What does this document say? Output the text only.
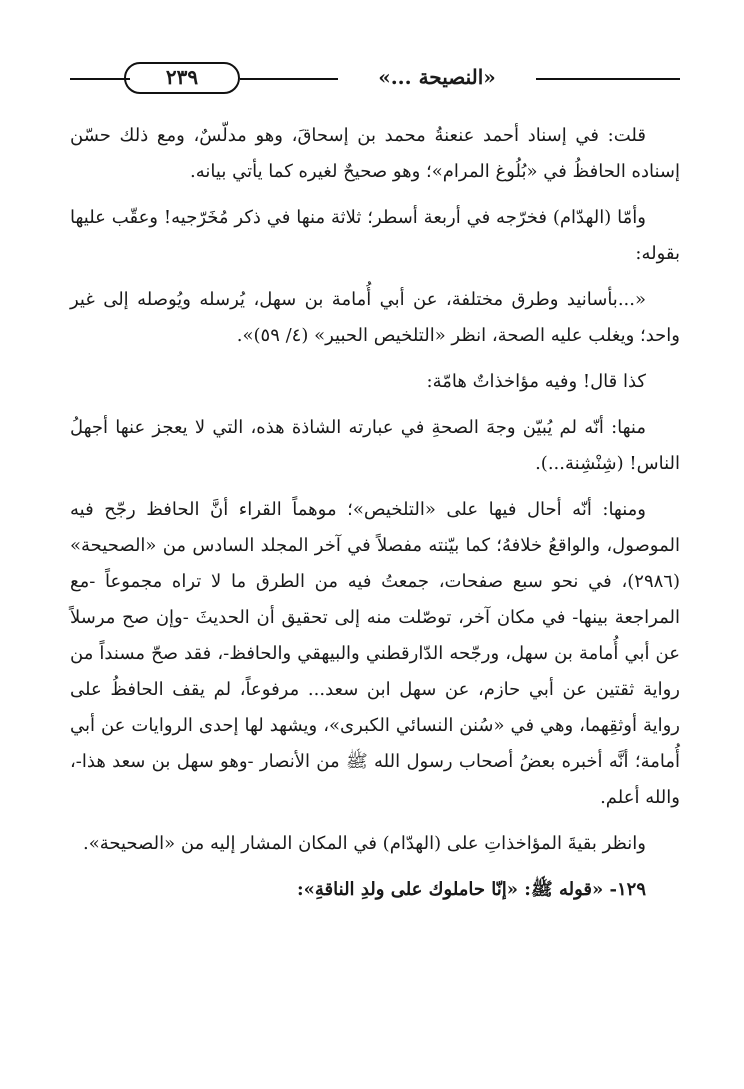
٢٣٩	«النصيحة ...»

قلت: في إسناد أحمد عنعنةُ محمد بن إسحاقَ، وهو مدلّسٌ، ومع ذلك حسّن إسناده الحافظُ في «بُلُوغ المرام»؛ وهو صحيحٌ لغيره كما يأتي بيانه.

وأمّا (الهدّام) فخرّجه في أربعة أسطر؛ ثلاثة منها في ذكر مُخَرّجيه! وعقّب عليها بقوله:

«...بأسانيد وطرق مختلفة، عن أبي أُمامة بن سهل، يُرسله ويُوصله إلى غير واحد؛ ويغلب عليه الصحة، انظر «التلخيص الحبير» (٤/ ٥٩)».

كذا قال! وفيه مؤاخذاتٌ هامّة:

منها: أنّه لم يُبيّن وجهَ الصحةِ في عبارته الشاذة هذه، التي لا يعجز عنها أجهلُ الناس! (شِنْشِنة...).

ومنها: أنّه أحال فيها على «التلخيص»؛ موهماً القراء أنَّ الحافظ رجّح فيه الموصول، والواقعُ خلافهُ؛ كما بيّنته مفصلاً في آخر المجلد السادس من «الصحيحة» (٢٩٨٦)، في نحو سبع صفحات، جمعتُ فيه من الطرق ما لا تراه مجموعاً -مع المراجعة بينها- في مكان آخر، توصّلت منه إلى تحقيق أن الحديثَ -وإن صح مرسلاً عن أبي أُمامة بن سهل، ورجّحه الدّارقطني والبيهقي والحافظ-، فقد صحّ مسنداً من رواية ثقتين عن أبي حازم، عن سهل ابن سعد... مرفوعاً، لم يقف الحافظُ على رواية أوثقِهما، وهي في «سُنن النسائي الكبرى»، ويشهد لها إحدى الروايات عن أبي أُمامة؛ أنَّه أخبره بعضُ أصحاب رسول الله ﷺ من الأنصار -وهو سهل بن سعد هذا-، والله أعلم.

وانظر بقيةَ المؤاخذاتِ على (الهدّام) في المكان المشار إليه من «الصحيحة».

١٢٩- «قوله ﷺ: «إنّا حاملوك على ولدِ الناقةِ»:
